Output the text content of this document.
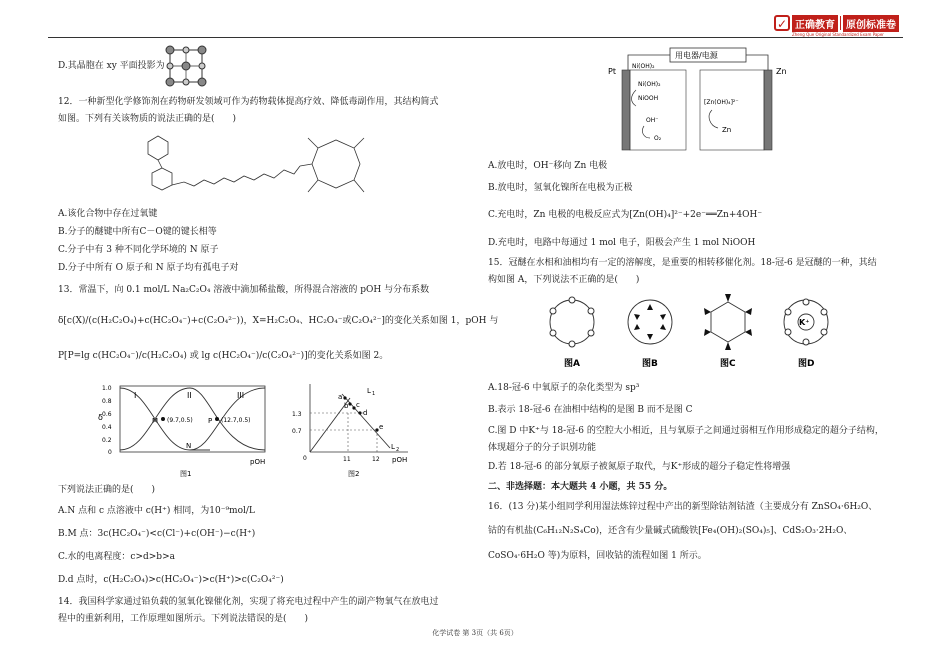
✓ 正确教育	原创标准卷
Zheng Que Original Standardized Exam Paper
D.其晶胞在 xy 平面投影为
12．一种新型化学修饰剂在药物研发领域可作为药物载体提高疗效、降低毒副作用，其结构简式
如图。下列有关该物质的说法正确的是(　　)
A.该化合物中存在过氧键
B.分子的醚键中所有C－O键的键长相等
C.分子中有 3 种不同化学环境的 N 原子
D.分子中所有 O 原子和 N 原子均有孤电子对
13．常温下，向 0.1 mol/L Na₂C₂O₄ 溶液中滴加稀盐酸，所得混合溶液的 pOH 与分布系数
δ[c(X)/(c(H₂C₂O₄)+c(HC₂O₄⁻)+c(C₂O₄²⁻))，X=H₂C₂O₄、HC₂O₄⁻或C₂O₄²⁻]的变化关系如图 1，pOH 与
P[P=lg c(HC₂O₄⁻)/c(H₂C₂O₄) 或 lg c(HC₂O₄⁻)/c(C₂O₄²⁻)]的变化关系如图 2。
δ
1.0
0.8
0.6
0.4
0.2
0
I	II	III
M (9.7,0.5) P (12.7,0.5)
N
pOH
图1
a
b c
d
e
L 1
L 2
1.3
0.7
0	11	12 pOH
图2
下列说法正确的是(　　)
A.N 点和 c 点溶液中 c(H⁺) 相同，为10⁻⁹mol/L
B.M 点：3c(HC₂O₄⁻)<c(Cl⁻)+c(OH⁻)−c(H⁺)
C.水的电离程度：c>d>b>a
D.d 点时，c(H₂C₂O₄)>c(HC₂O₄⁻)>c(H⁺)>c(C₂O₄²⁻)
14．我国科学家通过铅负载的氢氧化镍催化剂，实现了将充电过程中产生的副产物氧气在放电过
程中的重新利用，工作原理如图所示。下列说法错误的是(　　)
用电器/电源
Pt	Zn
Ni(OH)₂
Ni(OH)₂
NiOOH
OH⁻
O₂
[Zn(OH)₄]²⁻
Zn
A.放电时，OH⁻移向 Zn 电极
B.放电时，氢氧化镍所在电极为正极
C.充电时，Zn 电极的电极反应式为[Zn(OH)₄]²⁻+2e⁻══Zn+4OH⁻
D.充电时，电路中每通过 1 mol 电子，阳极会产生 1 mol NiOOH
15．冠醚在水相和油相均有一定的溶解度，是重要的相转移催化剂。18-冠-6 是冠醚的一种，其结
构如图 A，下列说法不正确的是(　　)
图A	图B	图C
K⁺
图D
A.18-冠-6 中氧原子的杂化类型为 sp³
B.表示 18-冠-6 在油相中结构的是图 B 而不是图 C
C.图 D 中K⁺与 18-冠-6 的空腔大小相近，且与氧原子之间通过弱相互作用形成稳定的超分子结构，
体现超分子的分子识别功能
D.若 18-冠-6 的部分氧原子被氮原子取代，与K⁺形成的超分子稳定性将增强
二、非选择题：本大题共 4 小题，共 55 分。
16．(13 分)某小组同学利用湿法炼锌过程中产出的新型除钴剂钴渣（主要成分有 ZnSO₄·6H₂O、
钴的有机盐(C₆H₁₂N₂S₄Co)，还含有少量碱式硫酸铁[Fe₄(OH)₂(SO₄)₅]、CdS₂O₃·2H₂O、
CoSO₄·6H₂O 等)为原料，回收钴的流程如图 1 所示。
化学试卷 第 3页（共 6页）
